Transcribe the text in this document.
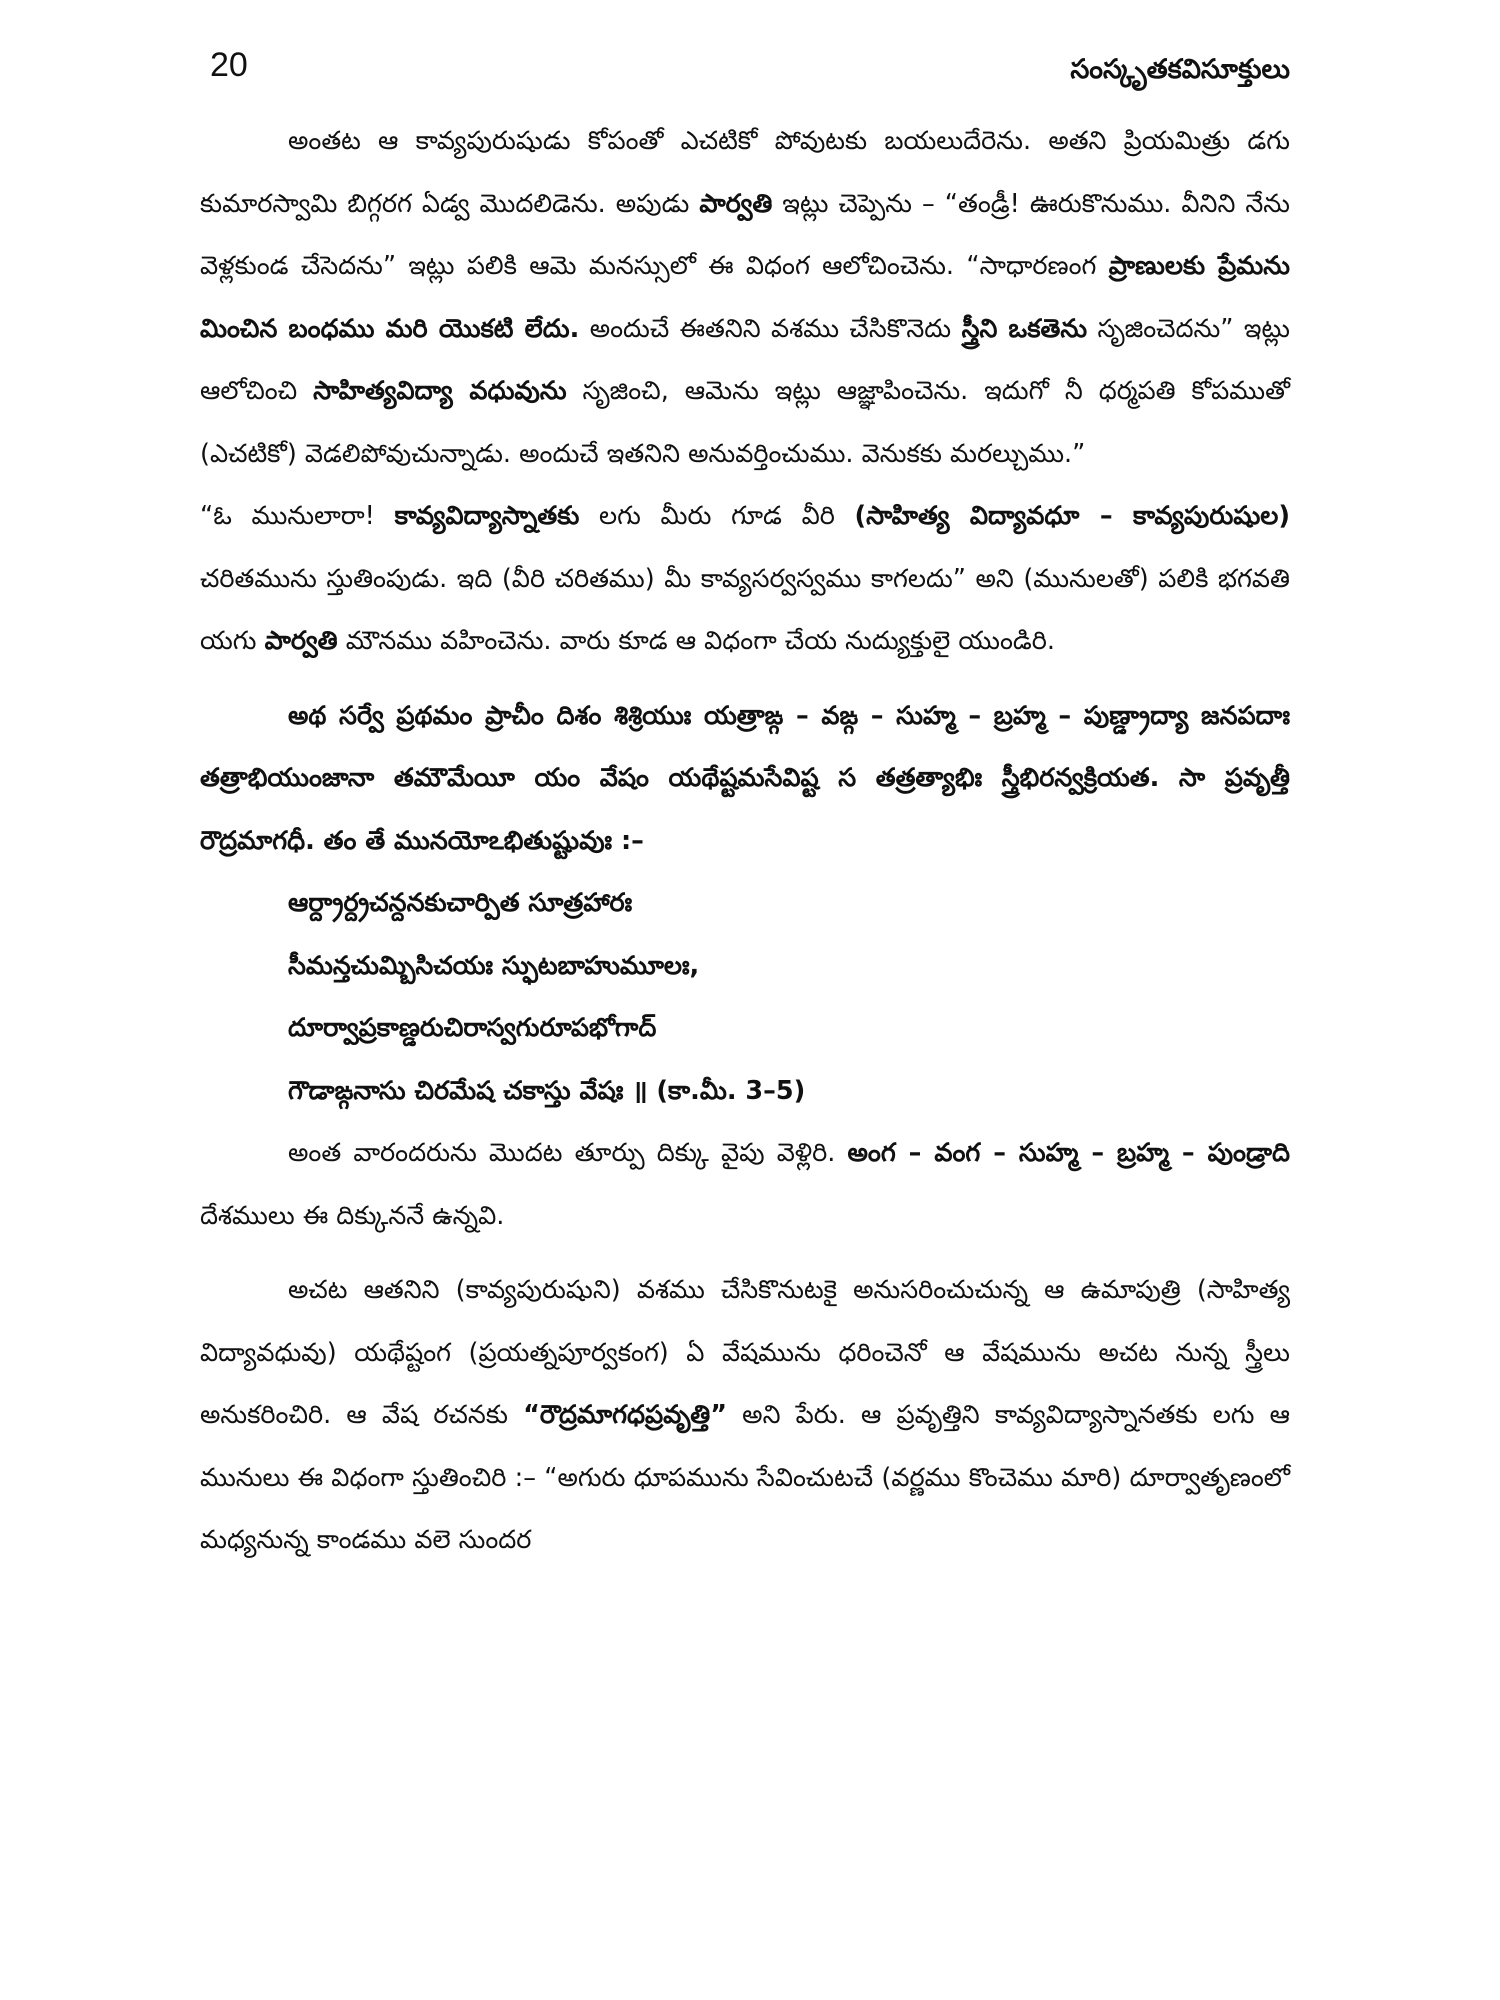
20	సంస్కృతకవిసూక్తులు

అంతట ఆ కావ్యపురుషుడు కోపంతో ఎచటికో పోవుటకు బయలుదేరెను. అతని ప్రియమిత్రు డగు కుమారస్వామి బిగ్గరగ ఏడ్వ మొదలిడెను. అపుడు పార్వతి ఇట్లు చెప్పెను – “తండ్రీ! ఊరుకొనుము. వీనిని నేను వెళ్లకుండ చేసెదను” ఇట్లు పలికి ఆమె మనస్సులో ఈ విధంగ ఆలోచించెను. “సాధారణంగ ప్రాణులకు ప్రేమను మించిన బంధము మరి యొకటి లేదు. అందుచే ఈతనిని వశము చేసికొనెదు స్త్రీని ఒకతెను సృజించెదను” ఇట్లు ఆలోచించి సాహిత్యవిద్యా వధువును సృజించి, ఆమెను ఇట్లు ఆజ్ఞాపించెను. ఇదుగో నీ ధర్మపతి కోపముతో (ఎచటికో) వెడలిపోవుచున్నాడు. అందుచే ఇతనిని అనువర్తించుము. వెనుకకు మరల్చుము.”

“ఓ మునులారా! కావ్యవిద్యాస్నాతకు లగు మీరు గూడ వీరి (సాహిత్య విద్యావధూ – కావ్యపురుషుల) చరితమును స్తుతింపుడు. ఇది (వీరి చరితము) మీ కావ్యసర్వస్వము కాగలదు” అని (మునులతో) పలికి భగవతి యగు పార్వతి మౌనము వహించెను. వారు కూడ ఆ విధంగా చేయ నుద్యుక్తులై యుండిరి.

అథ సర్వే ప్రథమం ప్రాచీం దిశం శిశ్రియుః యత్రాఙ్గ – వఙ్గ – సుహ్మ – బ్రహ్మ – పుణ్డ్రాద్యా జనపదాః తత్రాభియుంజానా తమౌమేయీ యం వేషం యథేష్టమసేవిష్ట స తత్రత్యాభిః స్త్రీభిరన్వక్రియత. సా ప్రవృత్తీ రౌద్రమాగధీ. తం తే మునయోఽభితుష్టువుః :–

ఆర్ద్రార్ద్రచన్దనకుచార్పిత సూత్రహారః
సీమన్తచుమ్బిసిచయః స్ఫుటబాహుమూలః,
దూర్వాప్రకాణ్డరుచిరాస్వగురూపభోగాద్
గౌడాఙ్గనాసు చిరమేష చకాస్తు వేషః ॥ (కా.మీ. 3–5)

అంత వారందరును మొదట తూర్పు దిక్కు వైపు వెళ్లిరి. అంగ – వంగ – సుహ్మ – బ్రహ్మ – పుండ్రాది దేశములు ఈ దిక్కుననే ఉన్నవి.

అచట ఆతనిని (కావ్యపురుషుని) వశము చేసికొనుటకై అనుసరించుచున్న ఆ ఉమాపుత్రి (సాహిత్య విద్యావధువు) యథేష్టంగ (ప్రయత్నపూర్వకంగ) ఏ వేషమును ధరించెనో ఆ వేషమును అచట నున్న స్త్రీలు అనుకరించిరి. ఆ వేష రచనకు “రౌద్రమాగధప్రవృత్తి” అని పేరు. ఆ ప్రవృత్తిని కావ్యవిద్యాస్నానతకు లగు ఆ మునులు ఈ విధంగా స్తుతించిరి :– “అగురు ధూపమును సేవించుటచే (వర్ణము కొంచెము మారి) దూర్వాతృణంలో మధ్యనున్న కాండము వలె సుందర
